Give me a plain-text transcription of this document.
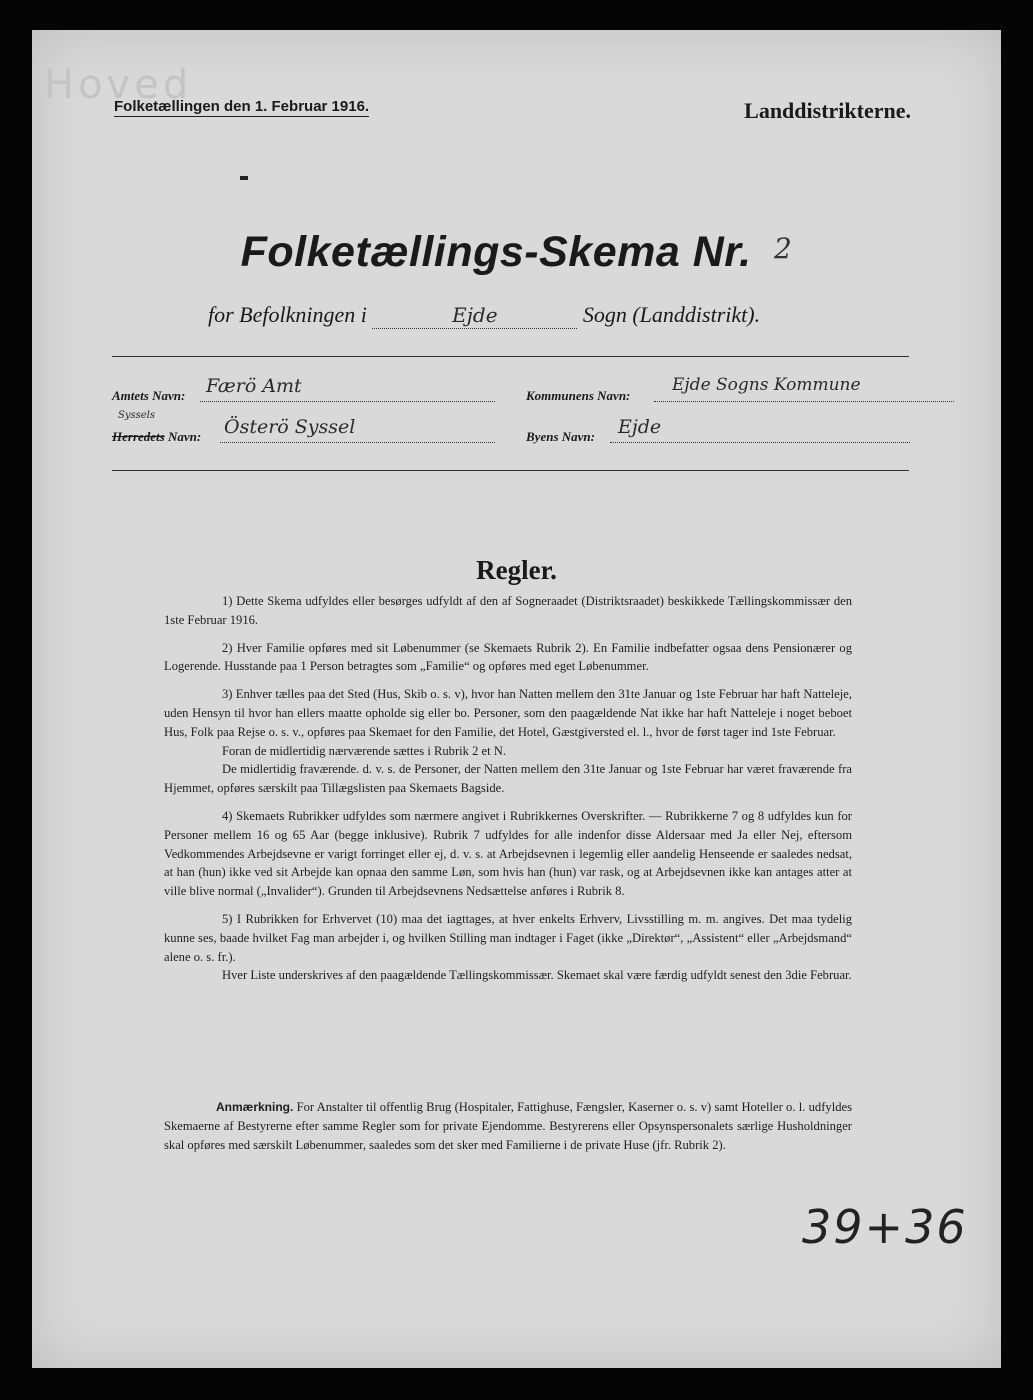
Hoved
Folketællingen den 1. Februar 1916.	Landdistrikterne.
Folketællings-Skema Nr. 2
for Befolkningen i	Ejde	Sogn (Landdistrikt).
Amtets Navn:	Færö Amt
Syssels
Herredets Navn: Österö Syssel
Kommunens Navn:
Ejde Sogns Kommune
Byens Navn:	Ejde
Regler.

1) Dette Skema udfyldes eller besørges udfyldt af den af Sogneraadet (Distriktsraadet) beskikkede Tællingskommissær den 1ste Februar 1916.

2) Hver Familie opføres med sit Løbenummer (se Skemaets Rubrik 2). En Familie indbefatter ogsaa dens Pensionærer og Logerende. Husstande paa 1 Person betragtes som „Familie“ og opføres med eget Løbenummer.

3) Enhver tælles paa det Sted (Hus, Skib o. s. v), hvor han Natten mellem den 31te Januar og 1ste Februar har haft Natteleje, uden Hensyn til hvor han ellers maatte opholde sig eller bo. Personer, som den paagældende Nat ikke har haft Natteleje i noget beboet Hus, Folk paa Rejse o. s. v., opføres paa Skemaet for den Familie, det Hotel, Gæstgiversted el. l., hvor de først tager ind 1ste Februar.

Foran de midlertidig nærværende sættes i Rubrik 2 et N.

De midlertidig fraværende. d. v. s. de Personer, der Natten mellem den 31te Januar og 1ste Februar har været fraværende fra Hjemmet, opføres særskilt paa Tillægslisten paa Skemaets Bagside.

4) Skemaets Rubrikker udfyldes som nærmere angivet i Rubrikkernes Overskrifter. — Rubrikkerne 7 og 8 udfyldes kun for Personer mellem 16 og 65 Aar (begge inklusive). Rubrik 7 udfyldes for alle indenfor disse Aldersaar med Ja eller Nej, eftersom Vedkommendes Arbejdsevne er varigt forringet eller ej, d. v. s. at Arbejdsevnen i legemlig eller aandelig Henseende er saaledes nedsat, at han (hun) ikke ved sit Arbejde kan opnaa den samme Løn, som hvis han (hun) var rask, og at Arbejdsevnen ikke kan antages atter at ville blive normal („Invalider“). Grunden til Arbejdsevnens Nedsættelse anføres i Rubrik 8.

5) I Rubrikken for Erhvervet (10) maa det iagttages, at hver enkelts Erhverv, Livsstilling m. m. angives. Det maa tydelig kunne ses, baade hvilket Fag man arbejder i, og hvilken Stilling man indtager i Faget (ikke „Direktør“, „Assistent“ eller „Arbejdsmand“ alene o. s. fr.).

Hver Liste underskrives af den paagældende Tællingskommissær. Skemaet skal være færdig udfyldt senest den 3die Februar.

Anmærkning. For Anstalter til offentlig Brug (Hospitaler, Fattighuse, Fængsler, Kaserner o. s. v) samt Hoteller o. l. udfyldes Skemaerne af Bestyrerne efter samme Regler som for private Ejendomme. Bestyrerens eller Opsynspersonalets særlige Husholdninger skal opføres med særskilt Løbenummer, saaledes som det sker med Familierne i de private Huse (jfr. Rubrik 2).
39+36
